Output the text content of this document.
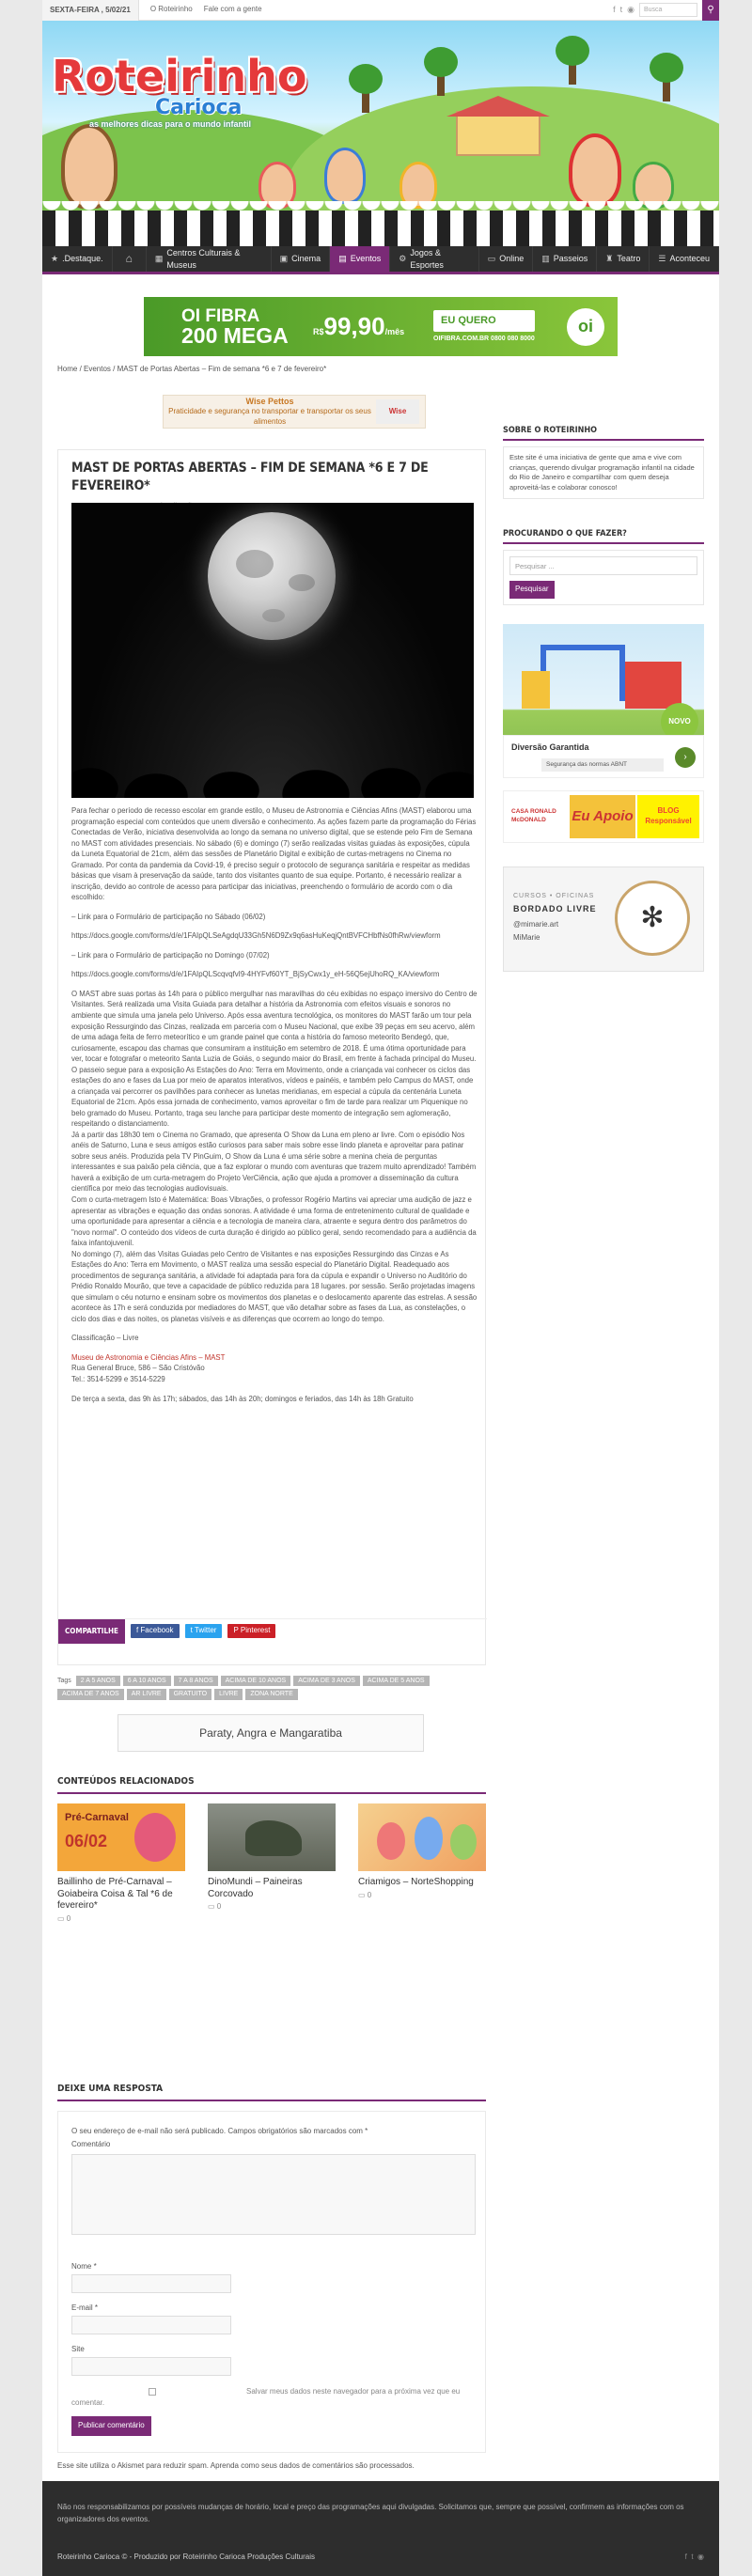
SEXTA-FEIRA , 5/02/21	O Roteirinho Fale com a gente	f t ◉	Busca	⚲
Roteirinho
Carioca
as melhores dicas para o mundo infantil
★ .Destaque. ⌂	▦
Centros Culturais & Museus
▣ Cinema ▤ Eventos ⚙
Jogos & Esportes
▭ Online ▥ Passeios ♜ Teatro ☰ Aconteceu
OI FIBRA
200 MEGA	R$99,90/mês
EU QUERO
OIFIBRA.COM.BR 0800 080 8000
oi
Home / Eventos / MAST de Portas Abertas – Fim de semana *6 e 7 de fevereiro*
Wise Pettos
Praticidade e segurança no transportar e transportar os seus alimentos
Wise
MAST DE PORTAS ABERTAS – FIM DE SEMANA *6 E 7 DE FEVEREIRO*

Para fechar o período de recesso escolar em grande estilo, o Museu de Astronomia e Ciências Afins (MAST) elaborou uma programação especial com conteúdos que unem diversão e conhecimento. As ações fazem parte da programação do Férias Conectadas de Verão, iniciativa desenvolvida ao longo da semana no universo digital, que se estende pelo Fim de Semana no MAST com atividades presenciais. No sábado (6) e domingo (7) serão realizadas visitas guiadas às exposições, cúpula da Luneta Equatorial de 21cm, além das sessões de Planetário Digital e exibição de curtas-metragens no Cinema no Gramado. Por conta da pandemia da Covid-19, é preciso seguir o protocolo de segurança sanitária e respeitar as medidas básicas que visam à preservação da saúde, tanto dos visitantes quanto de sua equipe. Portanto, é necessário realizar a inscrição, devido ao controle de acesso para participar das iniciativas, preenchendo o formulário de acordo com o dia escolhido:

– Link para o Formulário de participação no Sábado (06/02)

https://docs.google.com/forms/d/e/1FAIpQLSeAgdqU33Gh5N6D9Zx9q6asHuKeqjQntBVFCHbfNs0fhRw/viewform

– Link para o Formulário de participação no Domingo (07/02)

https://docs.google.com/forms/d/e/1FAIpQLScqvqfvI9-4HYFvf60YT_BjSyCwx1y_eH-56Q5ejUhoRQ_KA/viewform

O MAST abre suas portas às 14h para o público mergulhar nas maravilhas do céu exibidas no espaço imersivo do Centro de Visitantes. Será realizada uma Visita Guiada para detalhar a história da Astronomia com efeitos visuais e sonoros no ambiente que simula uma janela pelo Universo. Após essa aventura tecnológica, os monitores do MAST farão um tour pela exposição Ressurgindo das Cinzas, realizada em parceria com o Museu Nacional, que exibe 39 peças em seu acervo, além de uma adaga feita de ferro meteorítico e um grande painel que conta a história do famoso meteorito Bendegó, que, curiosamente, escapou das chamas que consumiram a instituição em setembro de 2018. É uma ótima oportunidade para ver, tocar e fotografar o meteorito Santa Luzia de Goiás, o segundo maior do Brasil, em frente à fachada principal do Museu.
O passeio segue para a exposição As Estações do Ano: Terra em Movimento, onde a criançada vai conhecer os ciclos das estações do ano e fases da Lua por meio de aparatos interativos, vídeos e painéis, e também pelo Campus do MAST, onde a criançada vai percorrer os pavilhões para conhecer as lunetas meridianas, em especial a cúpula da centenária Luneta Equatorial de 21cm. Após essa jornada de conhecimento, vamos aproveitar o fim de tarde para realizar um Piquenique no belo gramado do Museu. Portanto, traga seu lanche para participar deste momento de integração sem aglomeração, respeitando o distanciamento.
Já a partir das 18h30 tem o Cinema no Gramado, que apresenta O Show da Luna em pleno ar livre. Com o episódio Nos anéis de Saturno, Luna e seus amigos estão curiosos para saber mais sobre esse lindo planeta e aproveitar para patinar sobre seus anéis. Produzida pela TV PinGuim, O Show da Luna é uma série sobre a menina cheia de perguntas interessantes e sua paixão pela ciência, que a faz explorar o mundo com aventuras que trazem muito aprendizado! Também haverá a exibição de um curta-metragem do Projeto VerCiência, ação que ajuda a promover a disseminação da cultura científica por meio das tecnologias audiovisuais.
Com o curta-metragem Isto é Matemática: Boas Vibrações, o professor Rogério Martins vai apreciar uma audição de jazz e apresentar as vibrações e equação das ondas sonoras. A atividade é uma forma de entretenimento cultural de qualidade e uma oportunidade para apresentar a ciência e a tecnologia de maneira clara, atraente e segura dentro dos parâmetros do "novo normal". O conteúdo dos vídeos de curta duração é dirigido ao público geral, sendo recomendado para a audiência da faixa infantojuvenil.
No domingo (7), além das Visitas Guiadas pelo Centro de Visitantes e nas exposições Ressurgindo das Cinzas e As Estações do Ano: Terra em Movimento, o MAST realiza uma sessão especial do Planetário Digital. Readequado aos procedimentos de segurança sanitária, a atividade foi adaptada para fora da cúpula e expandir o Universo no Auditório do Prédio Ronaldo Mourão, que teve a capacidade de público reduzida para 18 lugares. por sessão. Serão projetadas imagens que simulam o céu noturno e ensinam sobre os movimentos dos planetas e o deslocamento aparente das estrelas. A sessão acontece às 17h e será conduzida por mediadores do MAST, que vão detalhar sobre as fases da Lua, as constelações, o ciclo dos dias e das noites, os planetas visíveis e as diferenças que ocorrem ao longo do tempo.

Classificação – Livre

Museu de Astronomia e Ciências Afins – MAST
Rua General Bruce, 586 – São Cristóvão
Tel.: 3514-5299 e 3514-5229

De terça a sexta, das 9h às 17h; sábados, das 14h às 20h; domingos e feriados, das 14h às 18h Gratuito

COMPARTILHE	f Facebook	t Twitter	P Pinterest
Tags	2 A 5 ANOS	6 A 10 ANOS	7 A 8 ANOS	ACIMA DE 10 ANOS	ACIMA DE 3 ANOS	ACIMA DE 5 ANOS
ACIMA DE 7 ANOS	AR LIVRE	GRATUITO	LIVRE	ZONA NORTE
Paraty, Angra e Mangaratiba
CONTEÚDOS RELACIONADOS
Pré-Carnaval
06/02
Baillinho de Pré-Carnaval – Goiabeira Coisa & Tal *6 de fevereiro*
▭ 0
DinoMundi – Paineiras Corcovado
▭ 0
Criamigos – NorteShopping
▭ 0
DEIXE UMA RESPOSTA
O seu endereço de e-mail não será publicado. Campos obrigatórios são marcados com *
Comentário
Nome *
E-mail *
Site
Salvar meus dados neste navegador para a próxima vez que eu comentar.
Publicar comentário
Esse site utiliza o Akismet para reduzir spam. Aprenda como seus dados de comentários são processados.
SOBRE O ROTEIRINHO
Este site é uma iniciativa de gente que ama e vive com crianças, querendo divulgar programação infantil na cidade do Rio de Janeiro e compartilhar com quem deseja aproveitá-las e colaborar conosco!
PROCURANDO O QUE FAZER?
Pesquisar ...
Pesquisar
NOVO
Diversão Garantida
Segurança das normas ABNT
›
CASA RONALD McDONALD	Eu Apoio	BLOG Responsável
CURSOS • OFICINAS
BORDADO LIVRE
@mimarie.art
MiMarie
✻
Não nos responsabilizamos por possíveis mudanças de horário, local e preço das programações aqui divulgadas. Solicitamos que, sempre que possível, confirmem as informações com os organizadores dos eventos.
Roteirinho Carioca © - Produzido por Roteirinho Carioca Produções Culturais	f t ◉
